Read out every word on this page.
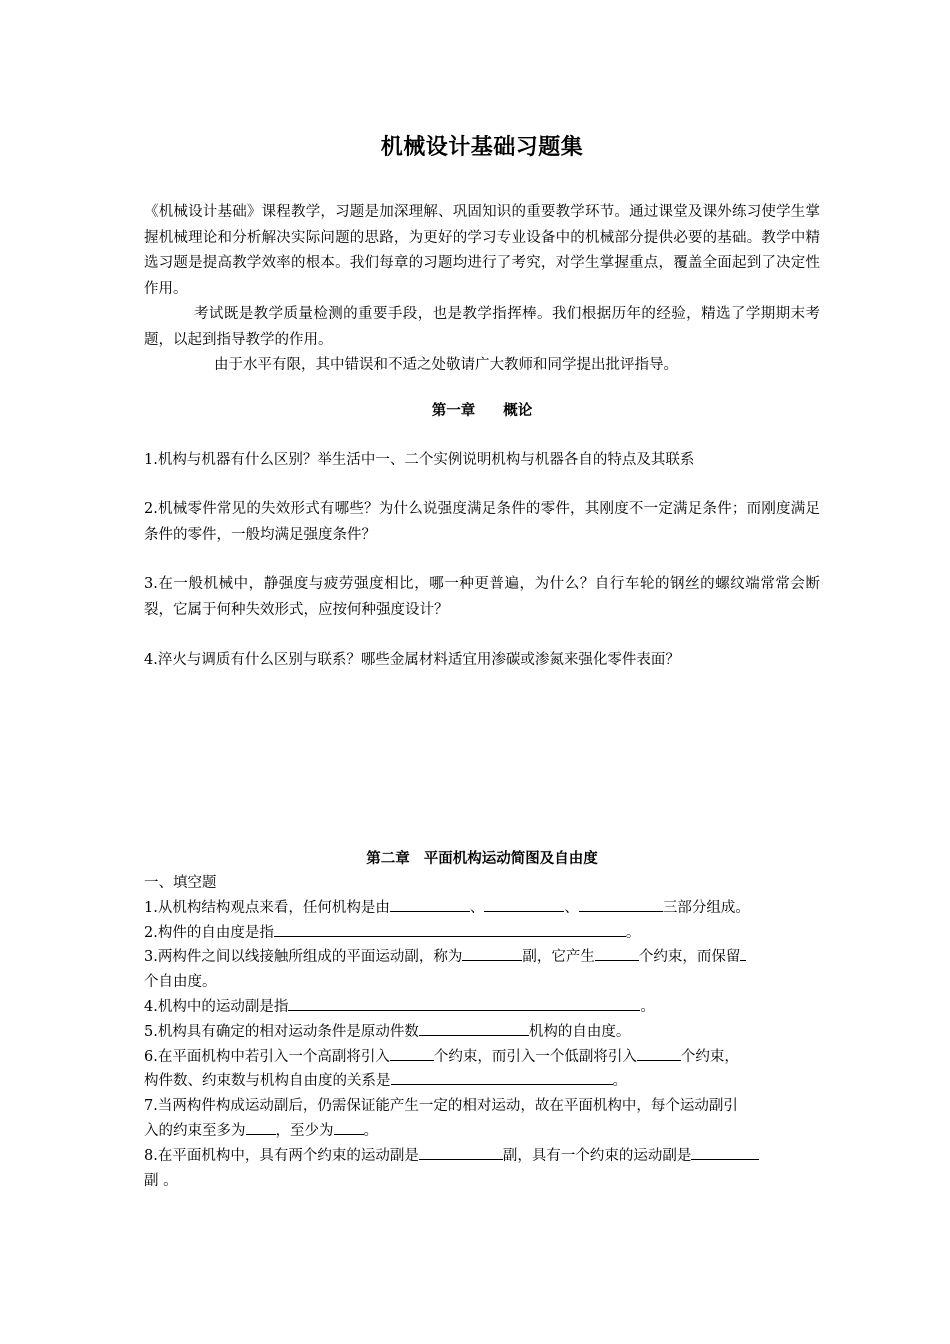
机械设计基础习题集

《机械设计基础》课程教学，习题是加深理解、巩固知识的重要教学环节。通过课堂及课外练习使学生掌握机械理论和分析解决实际问题的思路，为更好的学习专业设备中的机械部分提供必要的基础。教学中精选习题是提高教学效率的根本。我们每章的习题均进行了考究，对学生掌握重点，覆盖全面起到了决定性作用。

考试既是教学质量检测的重要手段，也是教学指挥棒。我们根据历年的经验，精选了学期期末考题，以起到指导教学的作用。

由于水平有限，其中错误和不适之处敬请广大教师和同学提出批评指导。

第一章 概论
1.机构与机器有什么区别？举生活中一、二个实例说明机构与机器各自的特点及其联系
2.机械零件常见的失效形式有哪些？为什么说强度满足条件的零件，其刚度不一定满足条件；而刚度满足条件的零件，一般均满足强度条件？
3.在一般机械中，静强度与疲劳强度相比，哪一种更普遍，为什么？自行车轮的钢丝的螺纹端常常会断裂，它属于何种失效形式，应按何种强度设计？
4.淬火与调质有什么区别与联系？哪些金属材料适宜用渗碳或渗氮来强化零件表面？
第二章 平面机构运动简图及自由度
一、填空题
1.从机构结构观点来看，任何机构是由	、	、	三部分组成。
2.构件的自由度是指	。
3.两构件之间以线接触所组成的平面运动副，称为	副，它产生	个约束，而保留
个自由度。
4.机构中的运动副是指	。
5.机构具有确定的相对运动条件是原动件数	机构的自由度。
6.在平面机构中若引入一个高副将引入	个约束，而引入一个低副将引入	个约束，
构件数、约束数与机构自由度的关系是	。
7.当两构件构成运动副后，仍需保证能产生一定的相对运动，故在平面机构中，每个运动副引
入的约束至多为 ，至少为 。
8.在平面机构中，具有两个约束的运动副是	副，具有一个约束的运动副是
副 。
